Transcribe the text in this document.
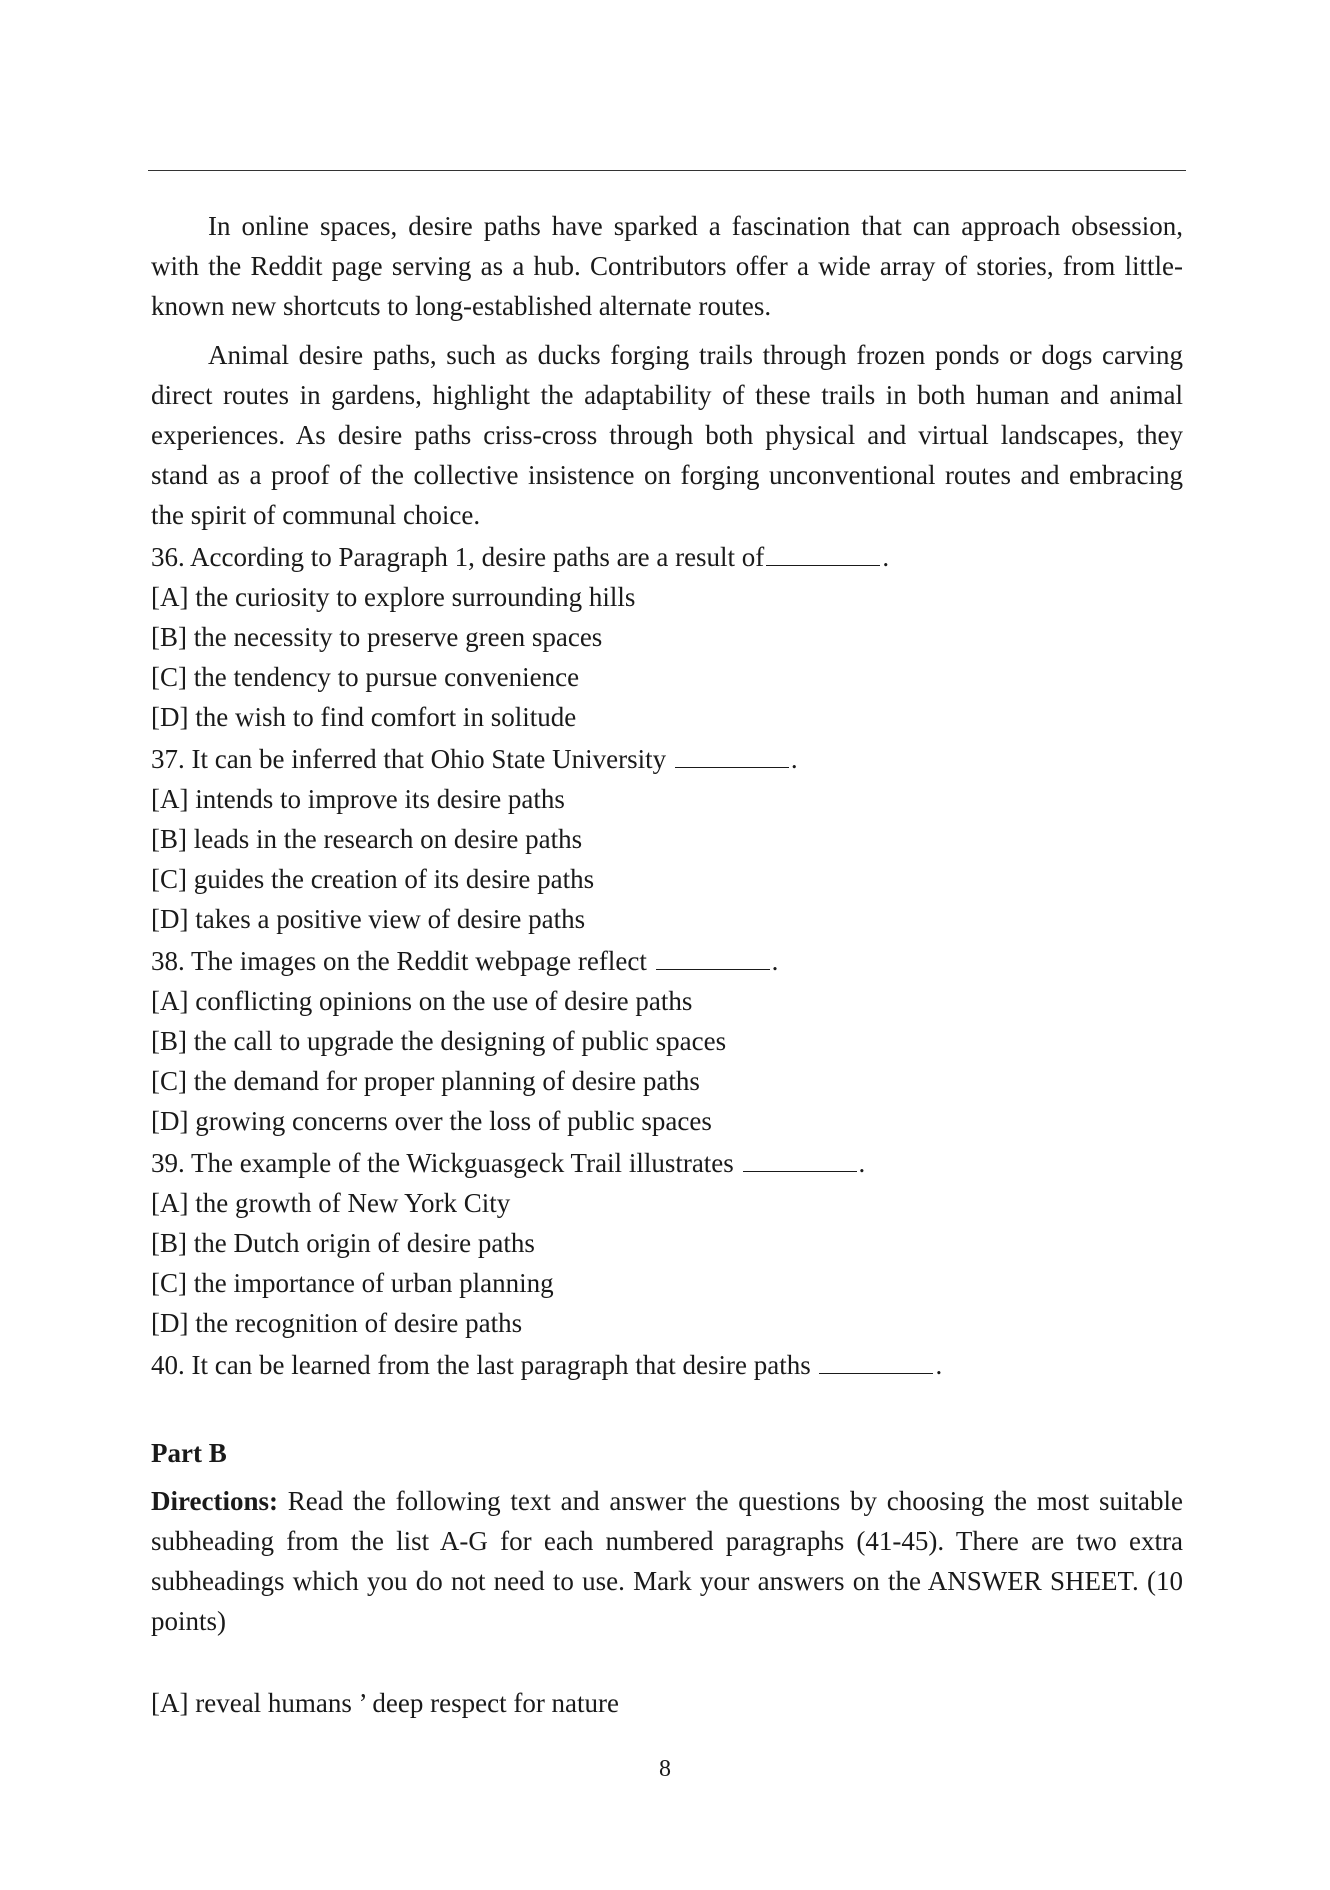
In online spaces, desire paths have sparked a fascination that can approach obsession, with the Reddit page serving as a hub. Contributors offer a wide array of stories, from little-known new shortcuts to long-established alternate routes.

Animal desire paths, such as ducks forging trails through frozen ponds or dogs carving direct routes in gardens, highlight the adaptability of these trails in both human and animal experiences. As desire paths criss-cross through both physical and virtual landscapes, they stand as a proof of the collective insistence on forging unconventional routes and embracing the spirit of communal choice.

36. According to Paragraph 1, desire paths are a result of	.
[A] the curiosity to explore surrounding hills
[B] the necessity to preserve green spaces
[C] the tendency to pursue convenience
[D] the wish to find comfort in solitude
37. It can be inferred that Ohio State University	.
[A] intends to improve its desire paths
[B] leads in the research on desire paths
[C] guides the creation of its desire paths
[D] takes a positive view of desire paths
38. The images on the Reddit webpage reflect	.
[A] conflicting opinions on the use of desire paths
[B] the call to upgrade the designing of public spaces
[C] the demand for proper planning of desire paths
[D] growing concerns over the loss of public spaces
39. The example of the Wickguasgeck Trail illustrates	.
[A] the growth of New York City
[B] the Dutch origin of desire paths
[C] the importance of urban planning
[D] the recognition of desire paths
40. It can be learned from the last paragraph that desire paths	.
Part B

Directions: Read the following text and answer the questions by choosing the most suitable subheading from the list A-G for each numbered paragraphs (41-45). There are two extra subheadings which you do not need to use. Mark your answers on the ANSWER SHEET. (10 points)

[A] reveal humans ’ deep respect for nature
8
